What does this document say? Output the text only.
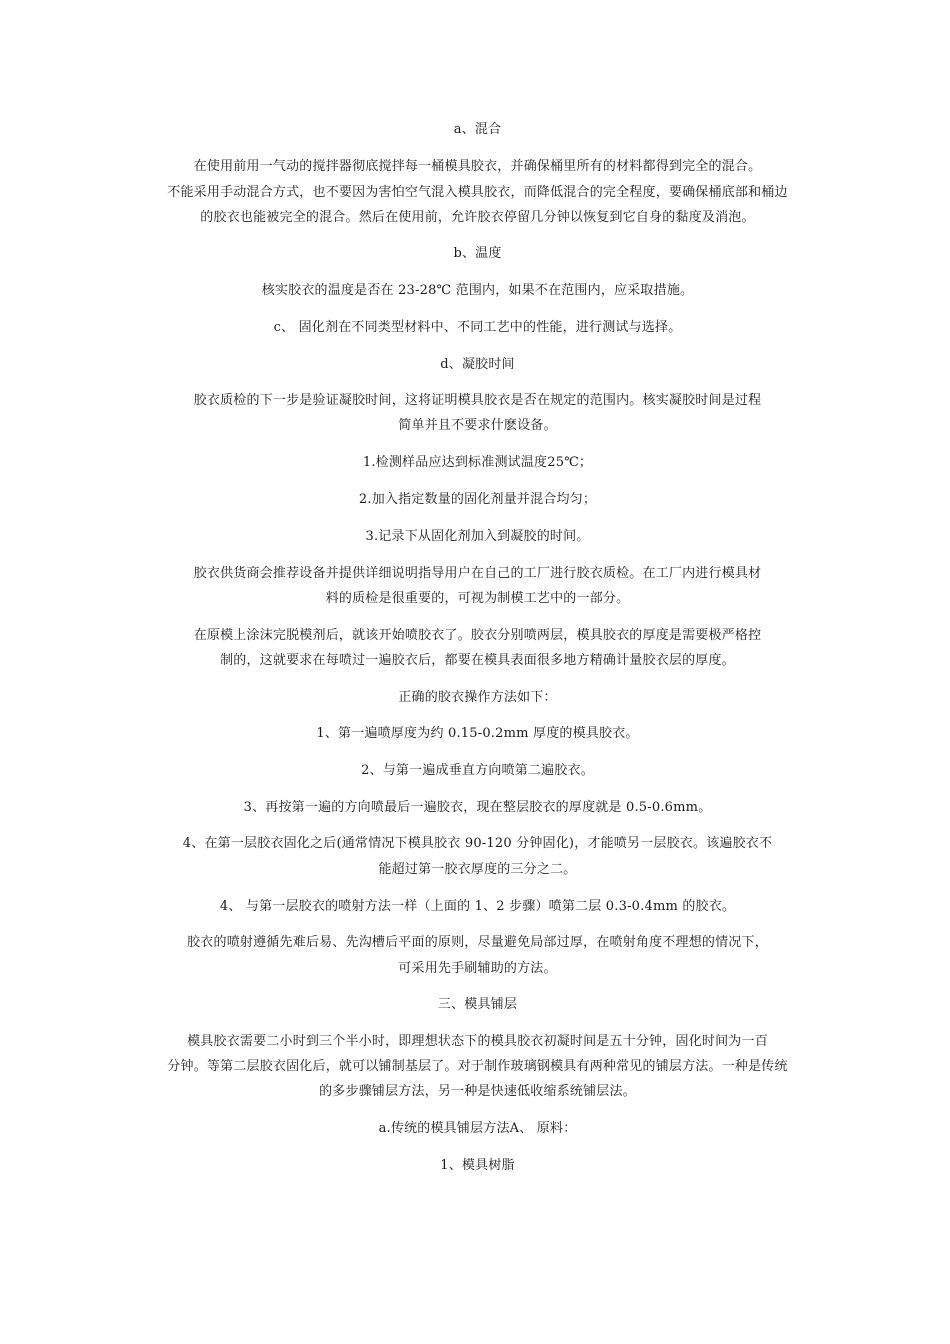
a、混合
在使用前用一气动的搅拌器彻底搅拌每一桶模具胶衣，并确保桶里所有的材料都得到完全的混合。
不能采用手动混合方式，也不要因为害怕空气混入模具胶衣，而降低混合的完全程度，要确保桶底部和桶边
的胶衣也能被完全的混合。然后在使用前，允许胶衣停留几分钟以恢复到它自身的黏度及消泡。
b、温度
核实胶衣的温度是否在 23-28℃ 范围内，如果不在范围内，应采取措施。
c、 固化剂在不同类型材料中、不同工艺中的性能，进行测试与选择。
d、凝胶时间
胶衣质检的下一步是验证凝胶时间，这将证明模具胶衣是否在规定的范围内。核实凝胶时间是过程
简单并且不要求什麽设备。
1.检测样品应达到标准测试温度25℃；
2.加入指定数量的固化剂量并混合均匀；
3.记录下从固化剂加入到凝胶的时间。
胶衣供货商会推荐设备并提供详细说明指导用户在自己的工厂进行胶衣质检。在工厂内进行模具材
料的质检是很重要的，可视为制模工艺中的一部分。
在原模上涂沫完脱模剂后，就该开始喷胶衣了。胶衣分别喷两层，模具胶衣的厚度是需要极严格控
制的，这就要求在每喷过一遍胶衣后，都要在模具表面很多地方精确计量胶衣层的厚度。
正确的胶衣操作方法如下：
1、第一遍喷厚度为约 0.15-0.2mm 厚度的模具胶衣。
2、与第一遍成垂直方向喷第二遍胶衣。
3、再按第一遍的方向喷最后一遍胶衣，现在整层胶衣的厚度就是 0.5-0.6mm。
4、在第一层胶衣固化之后(通常情况下模具胶衣 90-120 分钟固化)，才能喷另一层胶衣。该遍胶衣不
能超过第一胶衣厚度的三分之二。
4、 与第一层胶衣的喷射方法一样（上面的 1、2 步骤）喷第二层 0.3-0.4mm 的胶衣。
胶衣的喷射遵循先难后易、先沟槽后平面的原则，尽量避免局部过厚，在喷射角度不理想的情况下，
可采用先手刷辅助的方法。
三、模具铺层
模具胶衣需要二小时到三个半小时，即理想状态下的模具胶衣初凝时间是五十分钟，固化时间为一百
分钟。等第二层胶衣固化后，就可以铺制基层了。对于制作玻璃钢模具有两种常见的铺层方法。一种是传统
的多步骤铺层方法，另一种是快速低收缩系统铺层法。
a.传统的模具铺层方法A、 原料：
1、模具树脂
